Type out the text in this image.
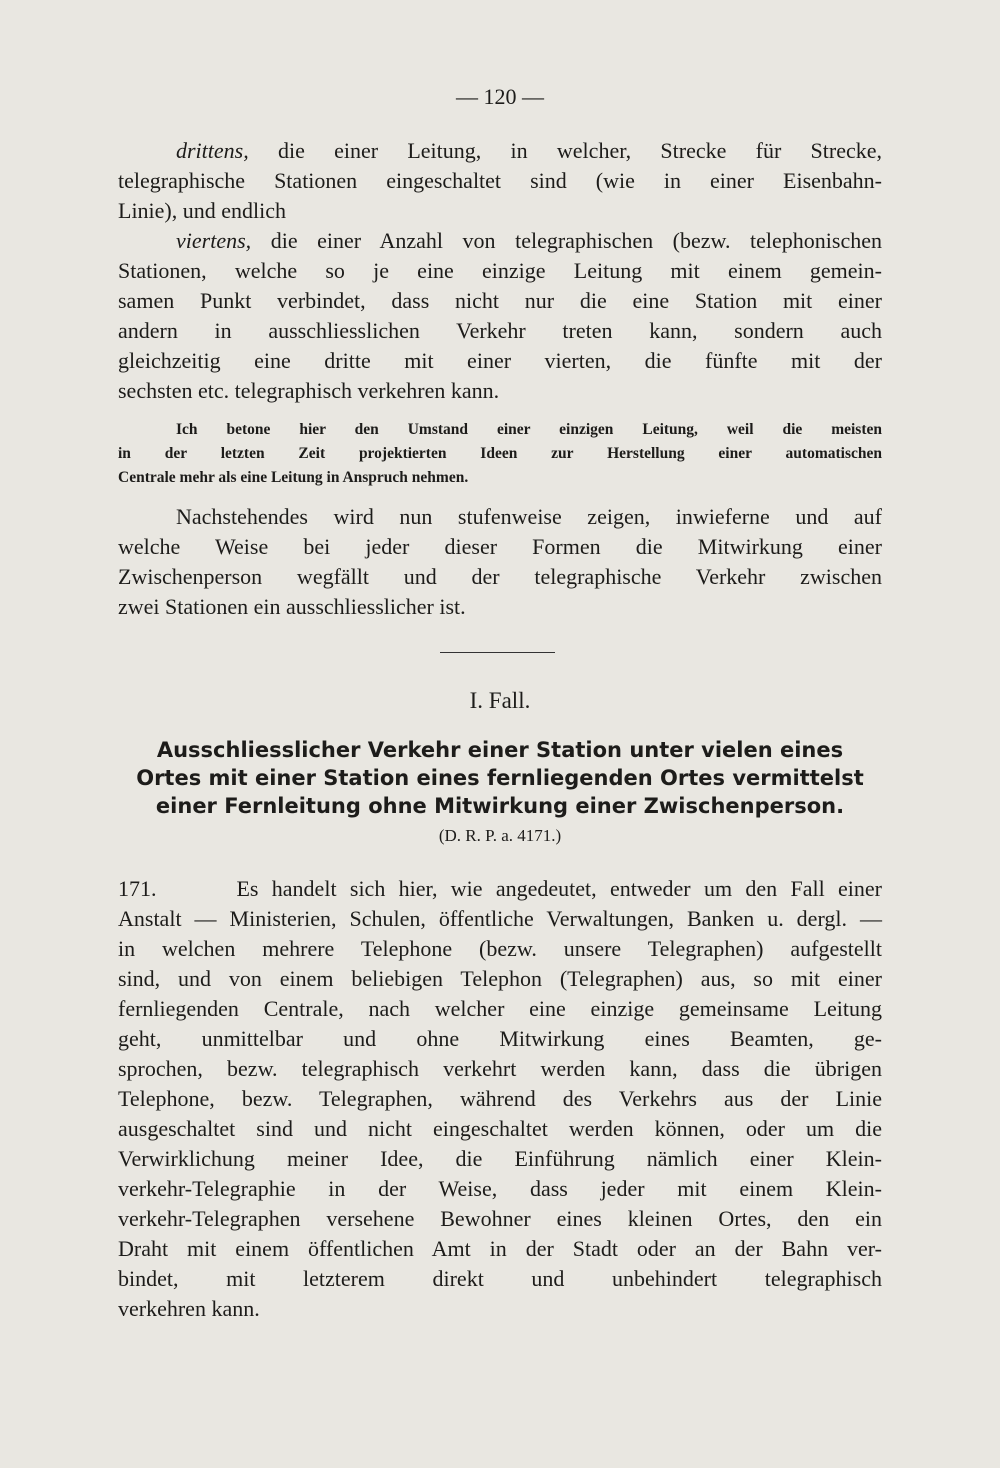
— 120 —
drittens, die einer Leitung, in welcher, Strecke für Strecke,
telegraphische Stationen eingeschaltet sind (wie in einer Eisenbahn-
Linie), und endlich
viertens, die einer Anzahl von telegraphischen (bezw. telephonischen
Stationen, welche so je eine einzige Leitung mit einem gemein-
samen Punkt verbindet, dass nicht nur die eine Station mit einer
andern in ausschliesslichen Verkehr treten kann, sondern auch
gleichzeitig eine dritte mit einer vierten, die fünfte mit der
sechsten etc. telegraphisch verkehren kann.
Ich betone hier den Umstand einer einzigen Leitung, weil die meisten
in der letzten Zeit projektierten Ideen zur Herstellung einer automatischen
Centrale mehr als eine Leitung in Anspruch nehmen.
Nachstehendes wird nun stufenweise zeigen, inwieferne und auf
welche Weise bei jeder dieser Formen die Mitwirkung einer
Zwischenperson wegfällt und der telegraphische Verkehr zwischen
zwei Stationen ein ausschliesslicher ist.
I. Fall.
Ausschliesslicher Verkehr einer Station unter vielen eines
Ortes mit einer Station eines fernliegenden Ortes vermittelst
einer Fernleitung ohne Mitwirkung einer Zwischenperson.
(D. R. P. a. 4171.)
171.	Es handelt sich hier, wie angedeutet, entweder um den Fall einer
Anstalt — Ministerien, Schulen, öffentliche Verwaltungen, Banken u. dergl. —
in welchen mehrere Telephone (bezw. unsere Telegraphen) aufgestellt
sind, und von einem beliebigen Telephon (Telegraphen) aus, so mit einer
fernliegenden Centrale, nach welcher eine einzige gemeinsame Leitung
geht, unmittelbar und ohne Mitwirkung eines Beamten, ge-
sprochen, bezw. telegraphisch verkehrt werden kann, dass die übrigen
Telephone, bezw. Telegraphen, während des Verkehrs aus der Linie
ausgeschaltet sind und nicht eingeschaltet werden können, oder um die
Verwirklichung meiner Idee, die Einführung nämlich einer Klein-
verkehr-Telegraphie in der Weise, dass jeder mit einem Klein-
verkehr-Telegraphen versehene Bewohner eines kleinen Ortes, den ein
Draht mit einem öffentlichen Amt in der Stadt oder an der Bahn ver-
bindet, mit letzterem direkt und unbehindert telegraphisch
verkehren kann.
